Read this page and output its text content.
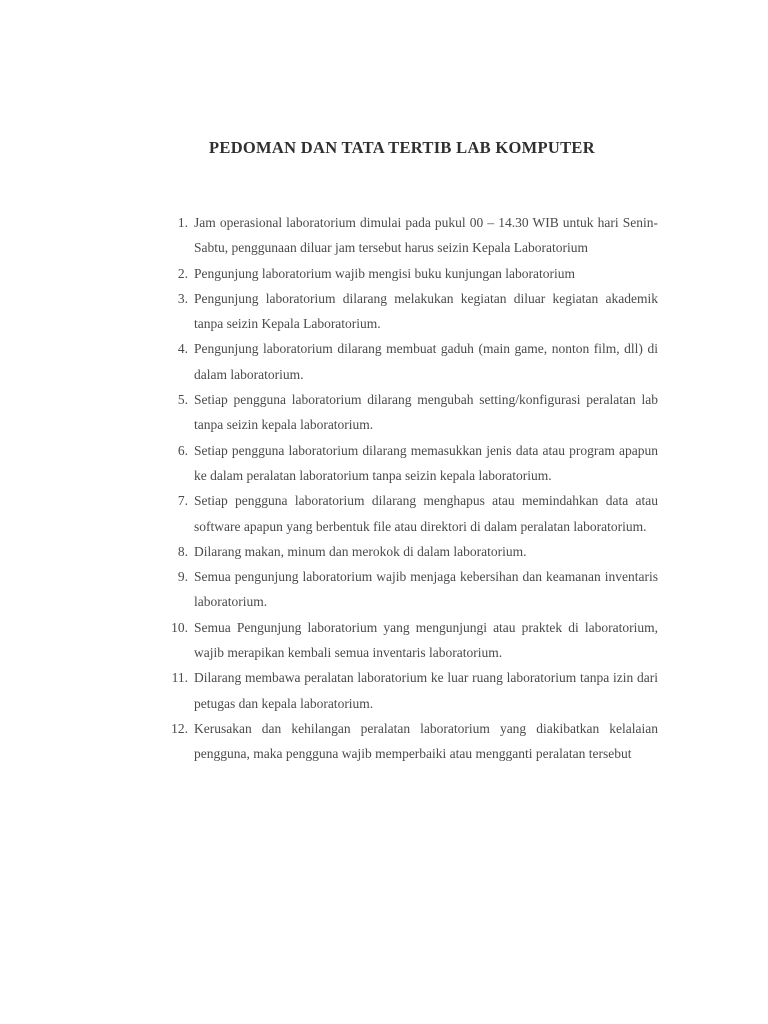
PEDOMAN DAN TATA TERTIB LAB KOMPUTER
1. Jam operasional laboratorium dimulai pada pukul 00 – 14.30 WIB untuk hari Senin-Sabtu, penggunaan diluar jam tersebut harus seizin Kepala Laboratorium
2. Pengunjung laboratorium wajib mengisi buku kunjungan laboratorium
3. Pengunjung laboratorium dilarang melakukan kegiatan diluar kegiatan akademik tanpa seizin Kepala Laboratorium.
4. Pengunjung laboratorium dilarang membuat gaduh (main game, nonton film, dll) di dalam laboratorium.
5. Setiap pengguna laboratorium dilarang mengubah setting/konfigurasi peralatan lab tanpa seizin kepala laboratorium.
6. Setiap pengguna laboratorium dilarang memasukkan jenis data atau program apapun ke dalam peralatan laboratorium tanpa seizin kepala laboratorium.
7. Setiap pengguna laboratorium dilarang menghapus atau memindahkan data atau software apapun yang berbentuk file atau direktori di dalam peralatan laboratorium.
8. Dilarang makan, minum dan merokok di dalam laboratorium.
9. Semua pengunjung laboratorium wajib menjaga kebersihan dan keamanan inventaris laboratorium.
10. Semua Pengunjung laboratorium yang mengunjungi atau praktek di laboratorium, wajib merapikan kembali semua inventaris laboratorium.
11. Dilarang membawa peralatan laboratorium ke luar ruang laboratorium tanpa izin dari petugas dan kepala laboratorium.
12. Kerusakan dan kehilangan peralatan laboratorium yang diakibatkan kelalaian pengguna, maka pengguna wajib memperbaiki atau mengganti peralatan tersebut
